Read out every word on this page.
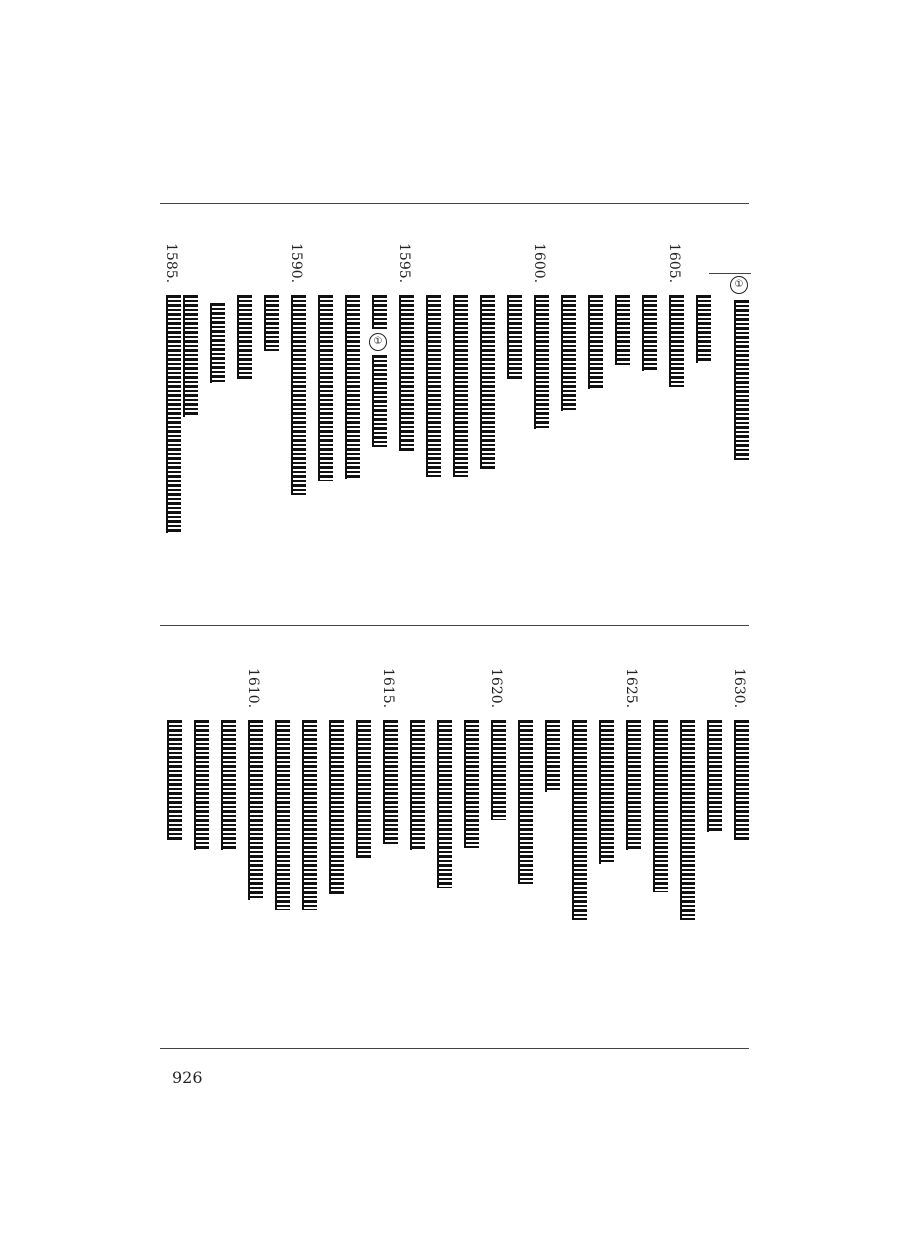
①
1605.
1600.
1595.
①
1590.
1585.
1630.
1625.
1620.
1615.
1610.
926
